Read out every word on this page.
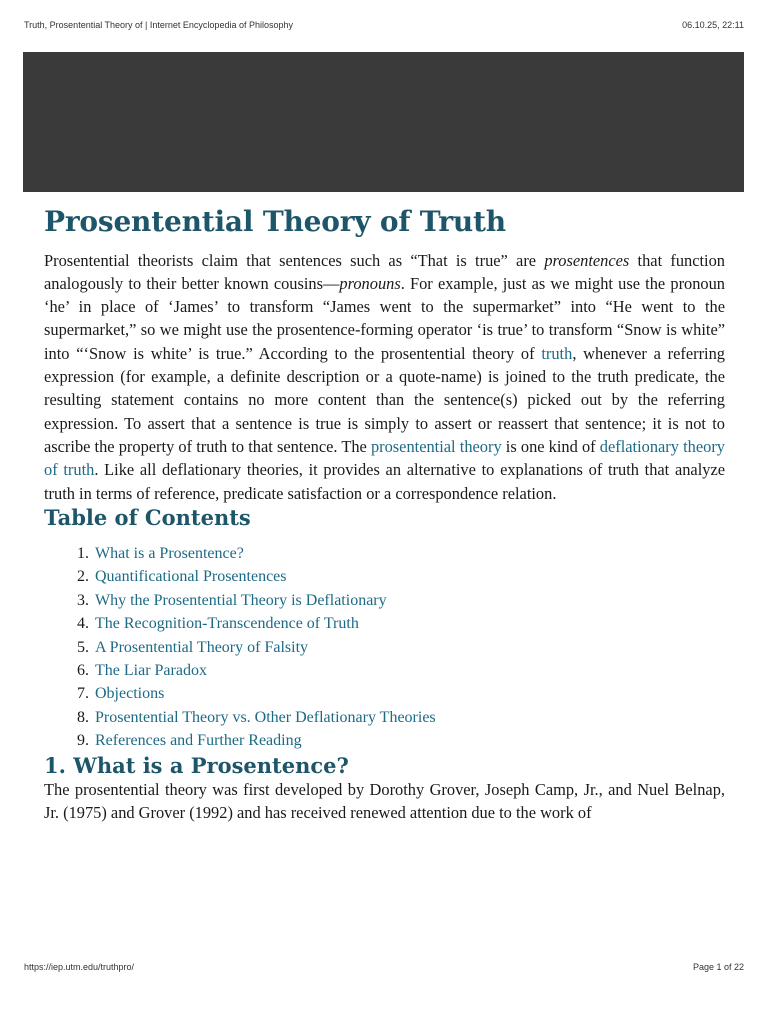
Truth, Prosentential Theory of | Internet Encyclopedia of Philosophy	06.10.25, 22:11
Prosentential Theory of Truth

Prosentential theorists claim that sentences such as “That is true” are prosentences that function analogously to their better known cousins—pronouns. For example, just as we might use the pronoun ‘he’ in place of ‘James’ to transform “James went to the supermarket” into “He went to the supermarket,” so we might use the prosentence-forming operator ‘is true’ to transform “Snow is white” into “‘Snow is white’ is true.” According to the prosentential theory of truth, whenever a referring expression (for example, a definite description or a quote-name) is joined to the truth predicate, the resulting statement contains no more content than the sentence(s) picked out by the referring expression. To assert that a sentence is true is simply to assert or reassert that sentence; it is not to ascribe the property of truth to that sentence. The prosentential theory is one kind of deflationary theory of truth. Like all deflationary theories, it provides an alternative to explanations of truth that analyze truth in terms of reference, predicate satisfaction or a correspondence relation.

Table of Contents
1. What is a Prosentence?
2. Quantificational Prosentences
3. Why the Prosentential Theory is Deflationary
4. The Recognition-Transcendence of Truth
5. A Prosentential Theory of Falsity
6. The Liar Paradox
7. Objections
8. Prosentential Theory vs. Other Deflationary Theories
9. References and Further Reading
1. What is a Prosentence?

The prosentential theory was first developed by Dorothy Grover, Joseph Camp, Jr., and Nuel Belnap, Jr. (1975) and Grover (1992) and has received renewed attention due to the work of

https://iep.utm.edu/truthpro/	Page 1 of 22
